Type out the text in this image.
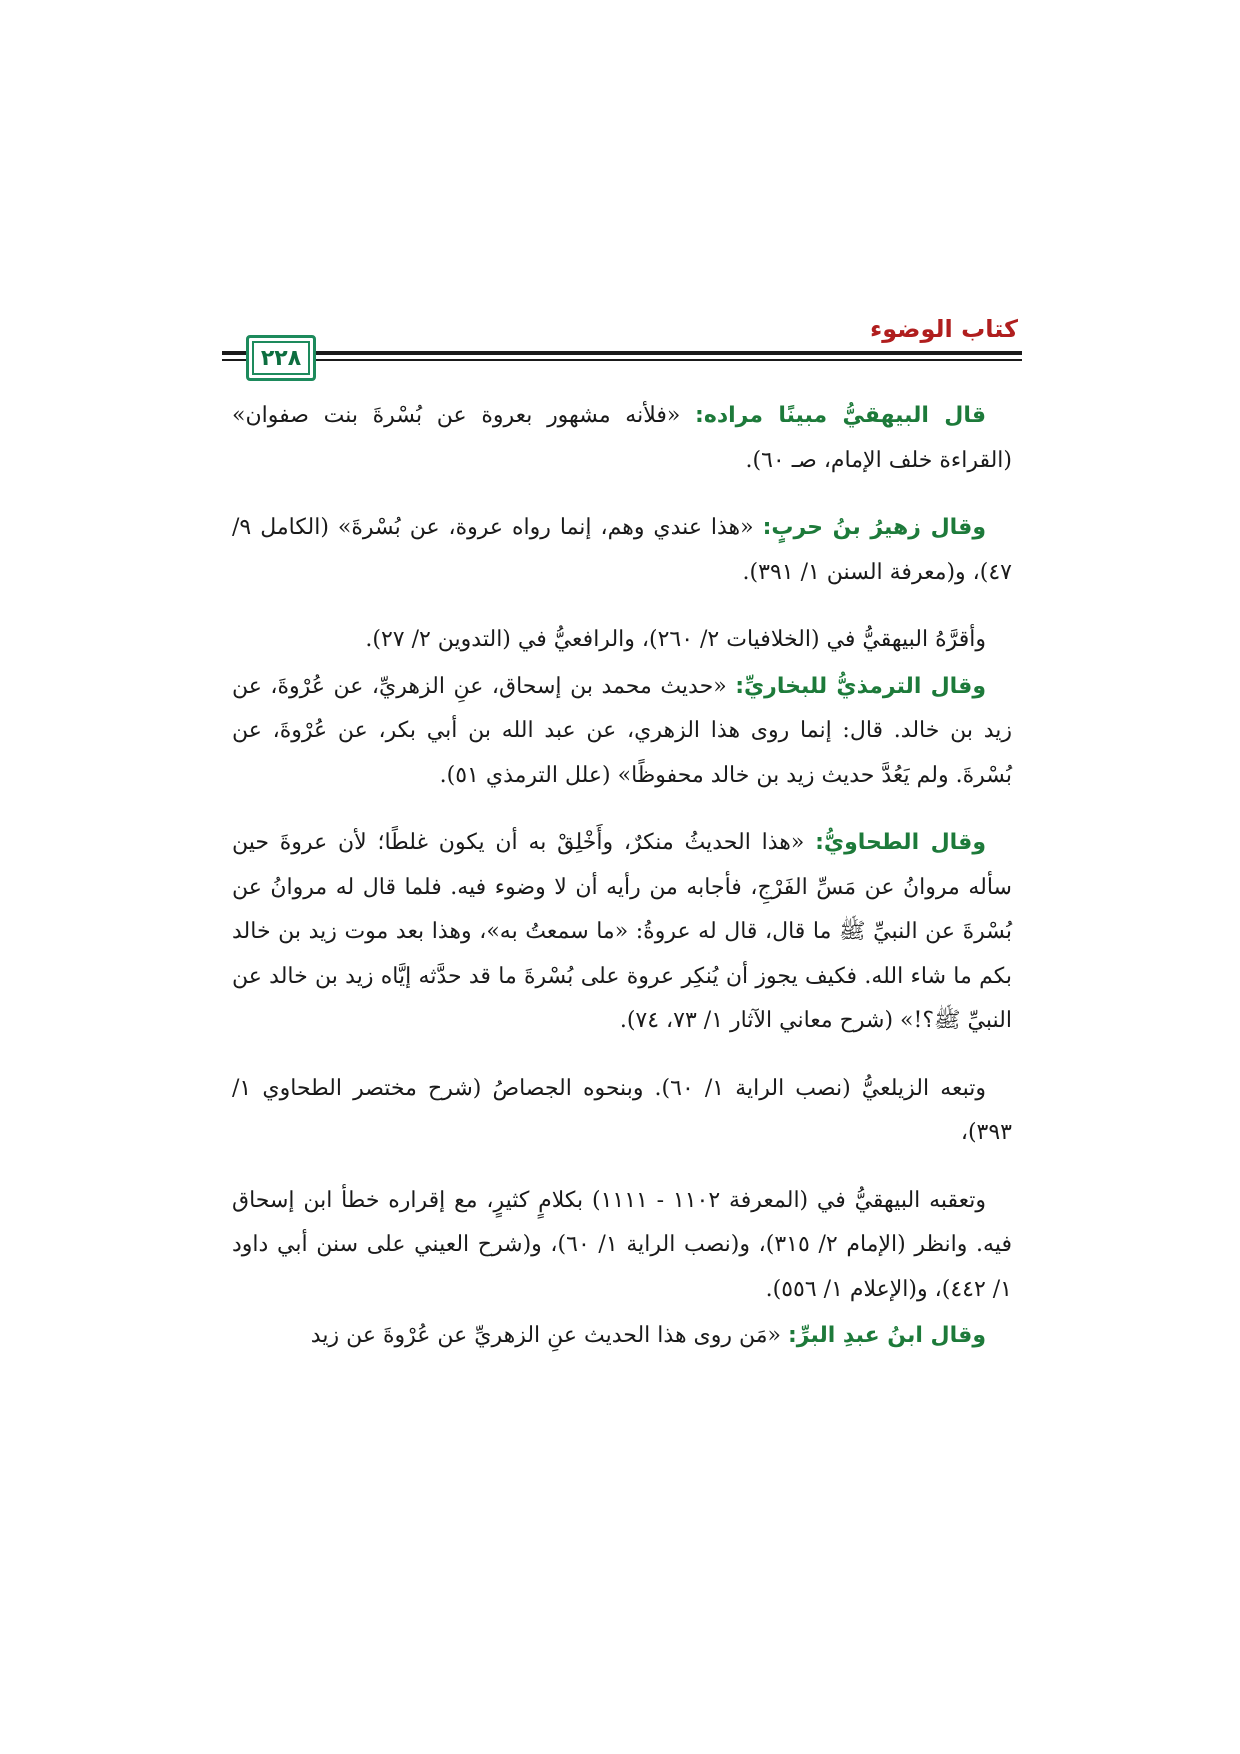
كتاب الوضوء
٢٢٨

قال البيهقيُّ مبينًا مراده: «فلأنه مشهور بعروة عن بُسْرةَ بنت صفوان» (القراءة خلف الإمام، صـ ٦٠).

وقال زهيرُ بنُ حربٍ: «هذا عندي وهم، إنما رواه عروة، عن بُسْرةَ» (الكامل ٩/ ٤٧)، و(معرفة السنن ١/ ٣٩١).

وأقرَّهُ البيهقيُّ في (الخلافيات ٢/ ٢٦٠)، والرافعيُّ في (التدوين ٢/ ٢٧).

وقال الترمذيُّ للبخاريِّ: «حديث محمد بن إسحاق، عنِ الزهريِّ، عن عُرْوةَ، عن زيد بن خالد. قال: إنما روى هذا الزهري، عن عبد الله بن أبي بكر، عن عُرْوةَ، عن بُسْرةَ. ولم يَعُدَّ حديث زيد بن خالد محفوظًا» (علل الترمذي ٥١).

وقال الطحاويُّ: «هذا الحديثُ منكرٌ، وأَخْلِقْ به أن يكون غلطًا؛ لأن عروةَ حين سأله مروانُ عن مَسِّ الفَرْجِ، فأجابه من رأيه أن لا وضوء فيه. فلما قال له مروانُ عن بُسْرةَ عن النبيِّ ﷺ ما قال، قال له عروةُ: «ما سمعتُ به»، وهذا بعد موت زيد بن خالد بكم ما شاء الله. فكيف يجوز أن يُنكِر عروة على بُسْرةَ ما قد حدَّثه إيَّاه زيد بن خالد عن النبيِّ ﷺ؟!» (شرح معاني الآثار ١/ ٧٣، ٧٤).

وتبعه الزيلعيُّ (نصب الراية ١/ ٦٠). وبنحوه الجصاصُ (شرح مختصر الطحاوي ١/ ٣٩٣)،

وتعقبه البيهقيُّ في (المعرفة ١١٠٢ - ١١١١) بكلامٍ كثيرٍ، مع إقراره خطأ ابن إسحاق فيه. وانظر (الإمام ٢/ ٣١٥)، و(نصب الراية ١/ ٦٠)، و(شرح العيني على سنن أبي داود ١/ ٤٤٢)، و(الإعلام ١/ ٥٥٦).

وقال ابنُ عبدِ البرِّ: «مَن روى هذا الحديث عنِ الزهريِّ عن عُرْوةَ عن زيد
